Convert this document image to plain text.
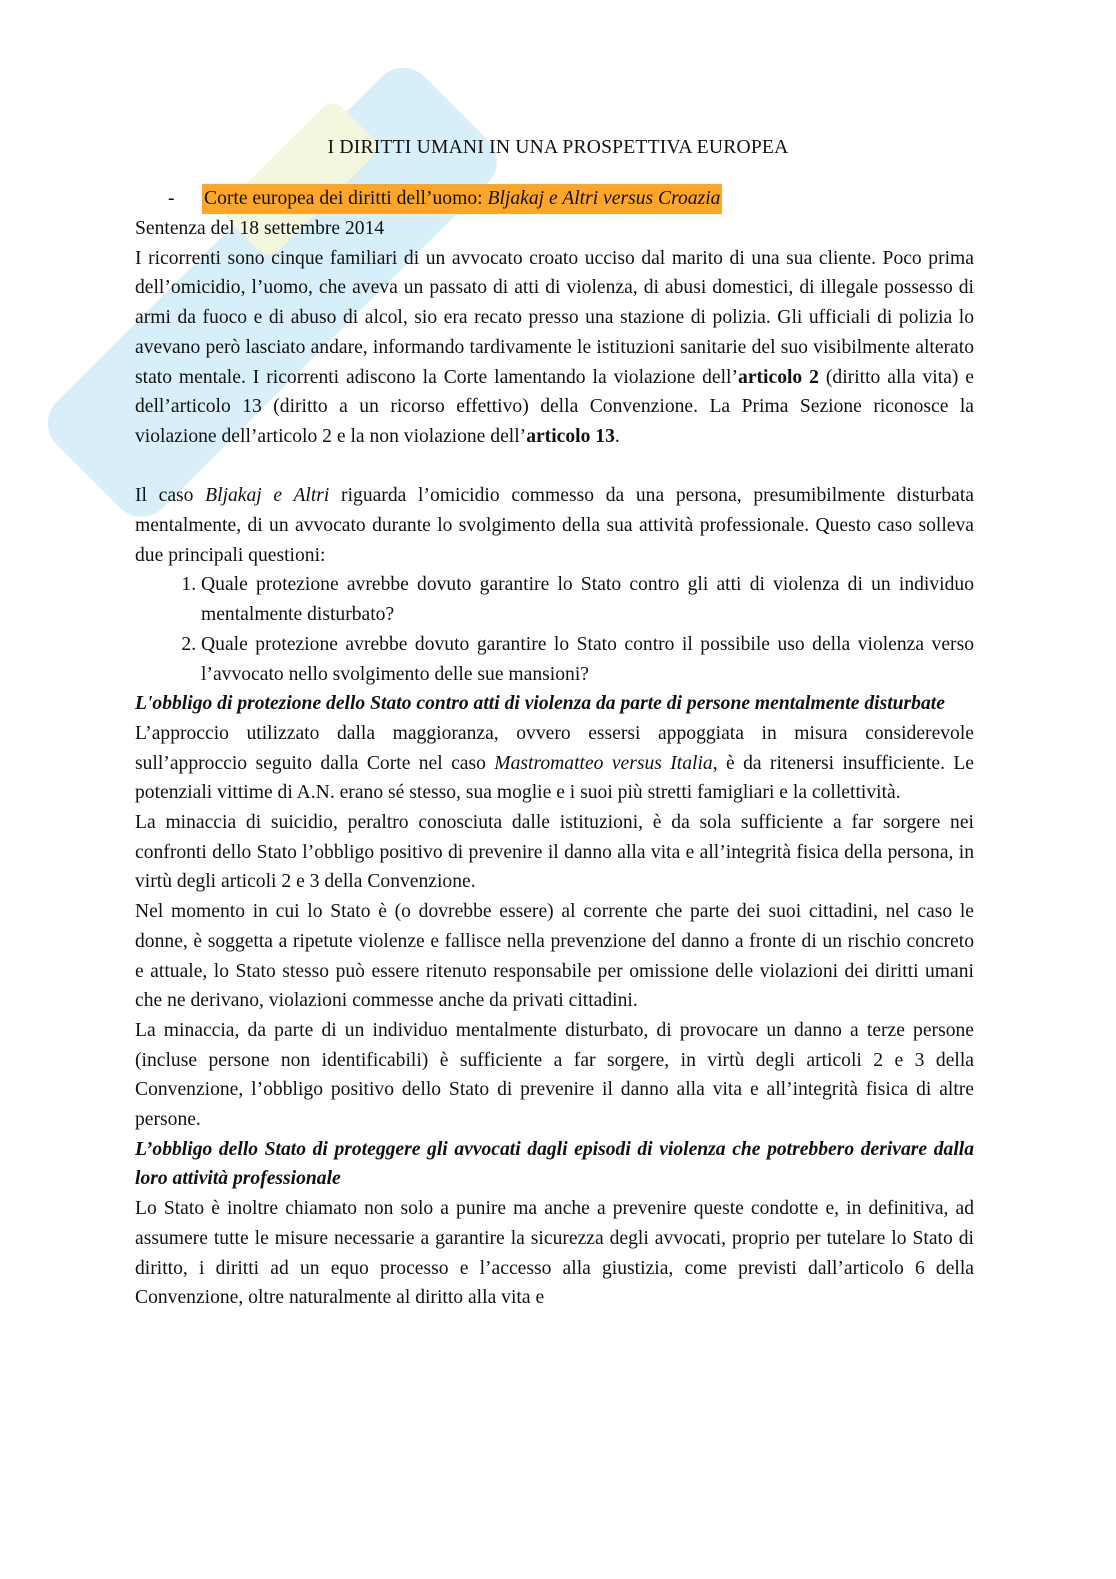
I DIRITTI UMANI IN UNA PROSPETTIVA EUROPEA
- Corte europea dei diritti dell’uomo: Bljakaj e Altri versus Croazia

Sentenza del 18 settembre 2014

I ricorrenti sono cinque familiari di un avvocato croato ucciso dal marito di una sua cliente. Poco prima dell’omicidio, l’uomo, che aveva un passato di atti di violenza, di abusi domestici, di illegale possesso di armi da fuoco e di abuso di alcol, sio era recato presso una stazione di polizia. Gli ufficiali di polizia lo avevano però lasciato andare, informando tardivamente le istituzioni sanitarie del suo visibilmente alterato stato mentale. I ricorrenti adiscono la Corte lamentando la violazione dell’articolo 2 (diritto alla vita) e dell’articolo 13 (diritto a un ricorso effettivo) della Convenzione. La Prima Sezione riconosce la violazione dell’articolo 2 e la non violazione dell’articolo 13.

Il caso Bljakaj e Altri riguarda l’omicidio commesso da una persona, presumibilmente disturbata mentalmente, di un avvocato durante lo svolgimento della sua attività professionale. Questo caso solleva due principali questioni:

1. Quale protezione avrebbe dovuto garantire lo Stato contro gli atti di violenza di un individuo mentalmente disturbato?
2. Quale protezione avrebbe dovuto garantire lo Stato contro il possibile uso della violenza verso l’avvocato nello svolgimento delle sue mansioni?

L'obbligo di protezione dello Stato contro atti di violenza da parte di persone mentalmente disturbate

L’approccio utilizzato dalla maggioranza, ovvero essersi appoggiata in misura considerevole sull’approccio seguito dalla Corte nel caso Mastromatteo versus Italia, è da ritenersi insufficiente. Le potenziali vittime di A.N. erano sé stesso, sua moglie e i suoi più stretti famigliari e la collettività.

La minaccia di suicidio, peraltro conosciuta dalle istituzioni, è da sola sufficiente a far sorgere nei confronti dello Stato l’obbligo positivo di prevenire il danno alla vita e all’integrità fisica della persona, in virtù degli articoli 2 e 3 della Convenzione.

Nel momento in cui lo Stato è (o dovrebbe essere) al corrente che parte dei suoi cittadini, nel caso le donne, è soggetta a ripetute violenze e fallisce nella prevenzione del danno a fronte di un rischio concreto e attuale, lo Stato stesso può essere ritenuto responsabile per omissione delle violazioni dei diritti umani che ne derivano, violazioni commesse anche da privati cittadini.

La minaccia, da parte di un individuo mentalmente disturbato, di provocare un danno a terze persone (incluse persone non identificabili) è sufficiente a far sorgere, in virtù degli articoli 2 e 3 della Convenzione, l’obbligo positivo dello Stato di prevenire il danno alla vita e all’integrità fisica di altre persone.

L’obbligo dello Stato di proteggere gli avvocati dagli episodi di violenza che potrebbero derivare dalla loro attività professionale

Lo Stato è inoltre chiamato non solo a punire ma anche a prevenire queste condotte e, in definitiva, ad assumere tutte le misure necessarie a garantire la sicurezza degli avvocati, proprio per tutelare lo Stato di diritto, i diritti ad un equo processo e l’accesso alla giustizia, come previsti dall’articolo 6 della Convenzione, oltre naturalmente al diritto alla vita e
